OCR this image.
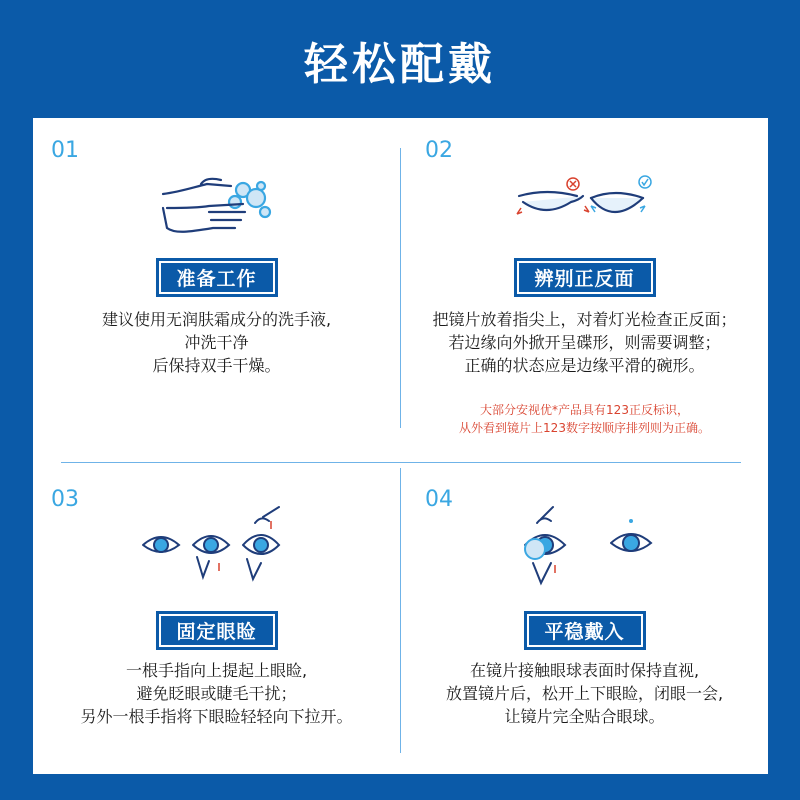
轻松配戴
01
准备工作
建议使用无润肤霜成分的洗手液,
冲洗干净
后保持双手干燥。
02
辨别正反面
把镜片放着指尖上，对着灯光检查正反面；
若边缘向外掀开呈碟形，则需要调整；
正确的状态应是边缘平滑的碗形。
大部分安视优*产品具有123正反标识，
从外看到镜片上123数字按顺序排列则为正确。
03
固定眼睑
一根手指向上提起上眼睑,
避免眨眼或睫毛干扰；
另外一根手指将下眼睑轻轻向下拉开。
04
平稳戴入
在镜片接触眼球表面时保持直视,
放置镜片后，松开上下眼睑，闭眼一会,
让镜片完全贴合眼球。
